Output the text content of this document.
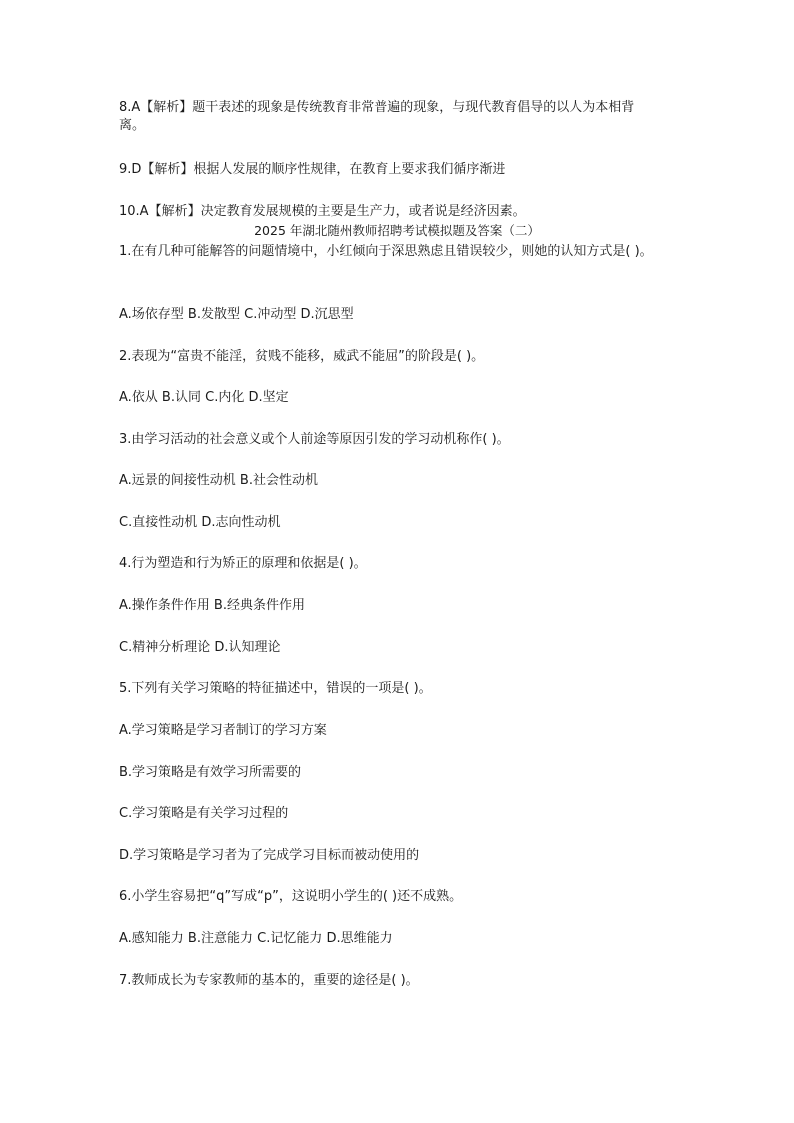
8.A【解析】题干表述的现象是传统教育非常普遍的现象，与现代教育倡导的以人为本相背
离。
9.D【解析】根据人发展的顺序性规律，在教育上要求我们循序渐进
10.A【解析】决定教育发展规模的主要是生产力，或者说是经济因素。
2025 年湖北随州教师招聘考试模拟题及答案（二）
1.在有几种可能解答的问题情境中，小红倾向于深思熟虑且错误较少，则她的认知方式是( )。
A.场依存型 B.发散型 C.冲动型 D.沉思型
2.表现为“富贵不能淫，贫贱不能移，威武不能屈”的阶段是( )。
A.依从 B.认同 C.内化 D.坚定
3.由学习活动的社会意义或个人前途等原因引发的学习动机称作( )。
A.远景的间接性动机 B.社会性动机
C.直接性动机 D.志向性动机
4.行为塑造和行为矫正的原理和依据是( )。
A.操作条件作用 B.经典条件作用
C.精神分析理论 D.认知理论
5.下列有关学习策略的特征描述中，错误的一项是( )。
A.学习策略是学习者制订的学习方案
B.学习策略是有效学习所需要的
C.学习策略是有关学习过程的
D.学习策略是学习者为了完成学习目标而被动使用的
6.小学生容易把“q”写成“p”，这说明小学生的( )还不成熟。
A.感知能力 B.注意能力 C.记忆能力 D.思维能力
7.教师成长为专家教师的基本的，重要的途径是( )。
